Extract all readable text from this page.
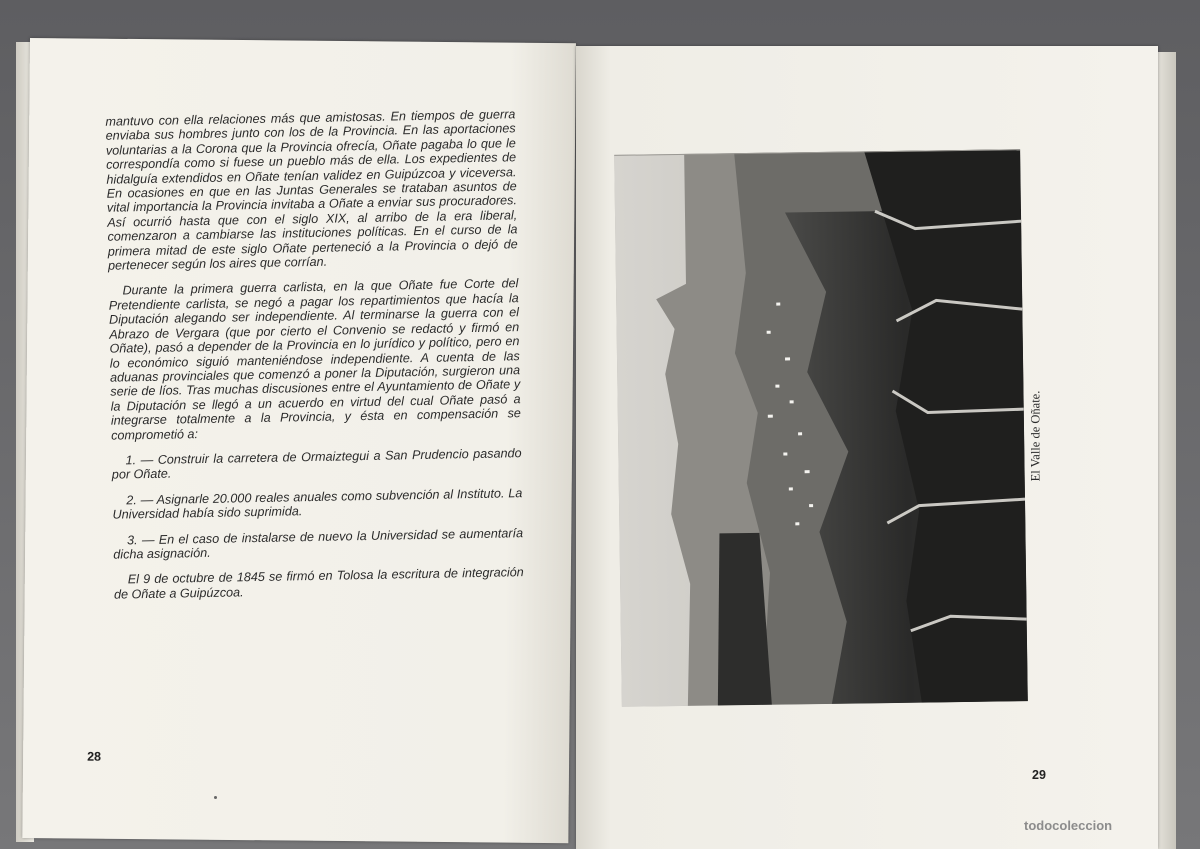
mantuvo con ella relaciones más que amistosas. En tiempos de guerra enviaba sus hombres junto con los de la Provincia. En las aportaciones voluntarias a la Corona que la Provincia ofrecía, Oñate pagaba lo que le correspondía como si fuese un pueblo más de ella. Los expedientes de hidalguía extendidos en Oñate tenían validez en Guipúzcoa y viceversa. En ocasiones en que en las Juntas Generales se trataban asuntos de vital importancia la Provincia invitaba a Oñate a enviar sus procuradores. Así ocurrió hasta que con el siglo XIX, al arribo de la era liberal, comenzaron a cambiarse las instituciones políticas. En el curso de la primera mitad de este siglo Oñate perteneció a la Provincia o dejó de pertenecer según los aires que corrían.

Durante la primera guerra carlista, en la que Oñate fue Corte del Pretendiente carlista, se negó a pagar los repartimientos que hacía la Diputación alegando ser independiente. Al terminarse la guerra con el Abrazo de Vergara (que por cierto el Convenio se redactó y firmó en Oñate), pasó a depender de la Provincia en lo jurídico y político, pero en lo económico siguió manteniéndose independiente. A cuenta de las aduanas provinciales que comenzó a poner la Diputación, surgieron una serie de líos. Tras muchas discusiones entre el Ayuntamiento de Oñate y la Diputación se llegó a un acuerdo en virtud del cual Oñate pasó a integrarse totalmente a la Provincia, y ésta en compensación se comprometió a:

1. — Construir la carretera de Ormaiztegui a San Prudencio pasando por Oñate.

2. — Asignarle 20.000 reales anuales como subvención al Instituto. La Universidad había sido suprimida.

3. — En el caso de instalarse de nuevo la Universidad se aumentaría dicha asignación.

El 9 de octubre de 1845 se firmó en Tolosa la escritura de integración de Oñate a Guipúzcoa.

28
El Valle de Oñate.
29
todocoleccion
